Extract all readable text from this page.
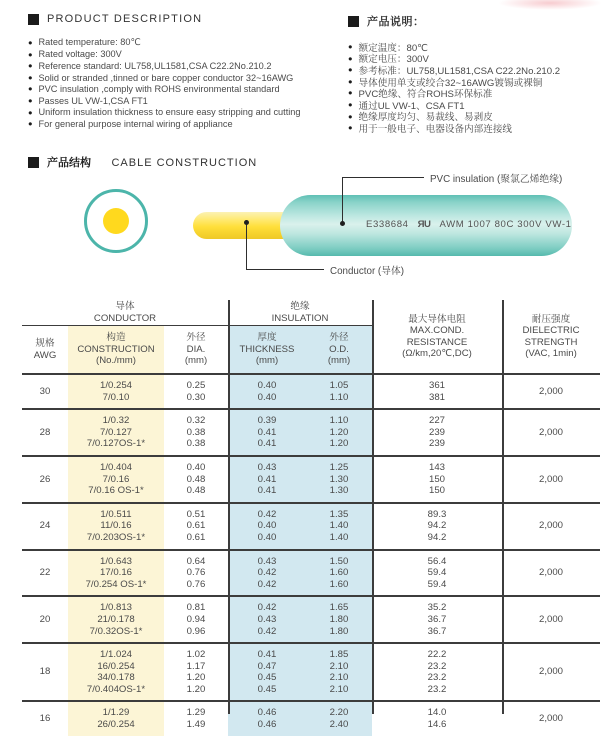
PRODUCT DESCRIPTION
● Rated temperature: 80℃
● Rated voltage: 300V
● Reference standard: UL758,UL1581,CSA C22.2No.210.2
● Solid or stranded ,tinned or bare copper conductor 32~16AWG
● PVC insulation ,comply with ROHS environmental standard
● Passes UL VW-1,CSA FT1
● Uniform insulation thickness to ensure easy stripping and cutting
● For general purpose internal wiring of appliance
产品说明：
● 额定温度：80℃
● 额定电压：300V
● 参考标准：UL758,UL1581,CSA C22.2No.210.2
● 导体使用单支或绞合32~16AWG镀锡或裸铜
● PVC绝缘、符合ROHS环保标准
● 通过UL VW-1、CSA FT1
● 绝缘厚度均匀、易裁线、易剥皮
● 用于一般电子、电器设备内部连接线
产品结构 CABLE CONSTRUCTION
E338684 ЯU AWM 1007 80C 300V VW-1
PVC insulation (聚氯乙烯绝缘)
Conductor (导体)
导体
CONDUCTOR
绝缘
INSULATION
规格
AWG
构造
CONSTRUCTION
(No./mm)
外径
DIA.
(mm)
厚度
THICKNESS
(mm)
外径
O.D.
(mm)
最大导体电阻
MAX.COND.
RESISTANCE
(Ω/km,20℃,DC)
耐压强度
DIELECTRIC
STRENGTH
(VAC, 1min)
30
1/0.254
7/0.10
0.25
0.30
0.40
0.40
1.05
1.10
361
381
2,000
28
1/0.32
7/0.127
7/0.127OS-1*
0.32
0.38
0.38
0.39
0.41
0.41
1.10
1.20
1.20
227
239
239
2,000
26
1/0.404
7/0.16
7/0.16 OS-1*
0.40
0.48
0.48
0.43
0.41
0.41
1.25
1.30
1.30
143
150
150
2,000
24
1/0.511
11/0.16
7/0.203OS-1*
0.51
0.61
0.61
0.42
0.40
0.40
1.35
1.40
1.40
89.3
94.2
94.2
2,000
22
1/0.643
17/0.16
7/0.254 OS-1*
0.64
0.76
0.76
0.43
0.42
0.42
1.50
1.60
1.60
56.4
59.4
59.4
2,000
20
1/0.813
21/0.178
7/0.32OS-1*
0.81
0.94
0.96
0.42
0.43
0.42
1.65
1.80
1.80
35.2
36.7
36.7
2,000
18
1/1.024
16/0.254
34/0.178
7/0.404OS-1*
1.02
1.17
1.20
1.20
0.41
0.47
0.45
0.45
1.85
2.10
2.10
2.10
22.2
23.2
23.2
23.2
2,000
16
1/1.29
26/0.254
1.29
1.49
0.46
0.46
2.20
2.40
14.0
14.6
2,000
